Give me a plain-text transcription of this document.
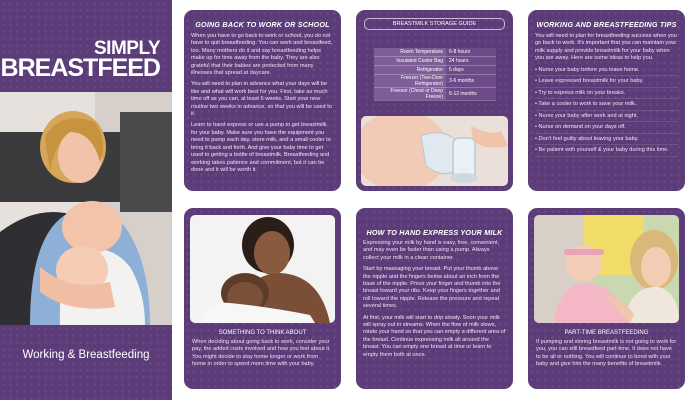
SIMPLY
BREASTFEED
Working & Breastfeeding
GOING BACK TO WORK OR SCHOOL

When you have to go back to work or school, you do not have to quit breastfeeding. You can work and breastfeed, too. Many mothers do it and say breastfeeding helps make up for time away from the baby. They are also grateful that their babies are protected from many illnesses that spread at daycare.

You will need to plan in advance what your days will be like and what will work best for you. First, take as much time off as you can, at least 6 weeks. Start your new routine two weeks in advance, so that you will be used to it.

Learn to hand express or use a pump to get breastmilk for your baby. Make sure you have the equipment you need to pump each day, store milk, and a small cooler to bring it back and forth. And give your baby time to get used to getting a bottle of breastmilk. Breastfeeding and working takes patience and commitment, but it can be done and it will be worth it.

BREASTMILK STORAGE GUIDE
Room Temperature	6-8 hours
Insulated Cooler Bag	24 hours
Refrigerator	5 days
Freezer (Two-Door Refrigerator)	3-6 months
Freezer (Chest or Deep Freeze)	6-12 months
WORKING AND BREASTFEEDING TIPS

You will need to plan for breastfeeding success when you go back to work. It's important that you can maintain your milk supply and provide breastmilk for your baby when you are away. Here are some ideas to help you.

• Nurse your baby before you leave home.
• Leave expressed breastmilk for your baby.
• Try to express milk on your breaks.
• Take a cooler to work to save your milk.
• Nurse your baby after work and at night.
• Nurse on demand on your days off.
• Don't feel guilty about leaving your baby.
• Be patient with yourself & your baby during this time.
SOMETHING TO THINK ABOUT

When deciding about going back to work, consider your pay, the added costs involved and how you feel about it. You might decide to stay home longer or work from home in order to spend more time with your baby.

HOW TO HAND EXPRESS YOUR MILK

Expressing your milk by hand is easy, free, convenient, and may even be faster than using a pump. Always collect your milk in a clean container.

Start by massaging your breast. Put your thumb above the nipple and the fingers below about an inch from the base of the nipple. Press your finger and thumb into the breast toward your ribs. Keep your fingers together and roll toward the nipple. Release the pressure and repeat several times.

At first, your milk will start to drip slowly. Soon your milk will spray out in streams. When the flow of milk slows, rotate your hand so that you can empty a different area of the breast. Continue expressing milk all around the breast. You can empty one breast at time or learn to empty them both at once.

PART-TIME BREASTFEEDING

If pumping and storing breastmilk is not going to work for you, you can still breastfeed part-time. It does not have to be all or nothing. You will continue to bond with your baby and give him the many benefits of breastmilk.
